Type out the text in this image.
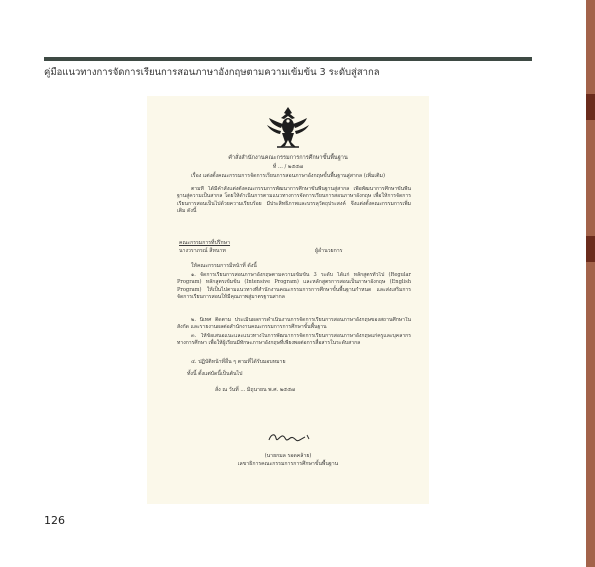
คู่มือแนวทางการจัดการเรียนการสอนภาษาอังกฤษตามความเข้มข้น 3 ระดับสู่สากล
คำสั่งสำนักงานคณะกรรมการการศึกษาขั้นพื้นฐาน
ที่ ... / ๒๕๕๗
เรื่อง แต่งตั้งคณะกรรมการจัดการเรียนการสอนภาษาอังกฤษขั้นพื้นฐานสู่สากล (เพิ่มเติม)
ตามที่ ได้มีคำสั่งแต่งตั้งคณะกรรมการพัฒนาการศึกษาขั้นพื้นฐานสู่สากล เพื่อพัฒนาการศึกษาขั้นพื้นฐานสู่ความเป็นสากล โดยให้ดำเนินการตามแนวทางการจัดการเรียนการสอนภาษาอังกฤษ เพื่อให้การจัดการเรียนการสอนเป็นไปด้วยความเรียบร้อย มีประสิทธิภาพและบรรลุวัตถุประสงค์ จึงแต่งตั้งคณะกรรมการเพิ่มเติม ดังนี้
คณะกรรมการที่ปรึกษา
นางวราภรณ์ สีหนาท	ผู้อำนวยการ
ให้คณะกรรมการมีหน้าที่ ดังนี้
๑. จัดการเรียนการสอนภาษาอังกฤษตามความเข้มข้น 3 ระดับ ได้แก่ หลักสูตรทั่วไป (Regular Program) หลักสูตรเข้มข้น (Intensive Program) และหลักสูตรการสอนเป็นภาษาอังกฤษ (English Program) ให้เป็นไปตามแนวทางที่สำนักงานคณะกรรมการการศึกษาขั้นพื้นฐานกำหนด และส่งเสริมการจัดการเรียนการสอนให้มีคุณภาพสู่มาตรฐานสากล
๒. นิเทศ ติดตาม ประเมินผลการดำเนินงานการจัดการเรียนการสอนภาษาอังกฤษของสถานศึกษาในสังกัด และรายงานผลต่อสำนักงานคณะกรรมการการศึกษาขั้นพื้นฐาน
๓. ให้ข้อเสนอแนะและแนวทางในการพัฒนาการจัดการเรียนการสอนภาษาอังกฤษแก่ครูและบุคลากรทางการศึกษา เพื่อให้ผู้เรียนมีทักษะภาษาอังกฤษที่เพียงพอต่อการสื่อสารในระดับสากล
๔. ปฏิบัติหน้าที่อื่น ๆ ตามที่ได้รับมอบหมาย
ทั้งนี้ ตั้งแต่บัดนี้เป็นต้นไป
สั่ง ณ วันที่ ... มิถุนายน พ.ศ. ๒๕๕๗
(นายกมล รอดคล้าย)
เลขาธิการคณะกรรมการการศึกษาขั้นพื้นฐาน
126
